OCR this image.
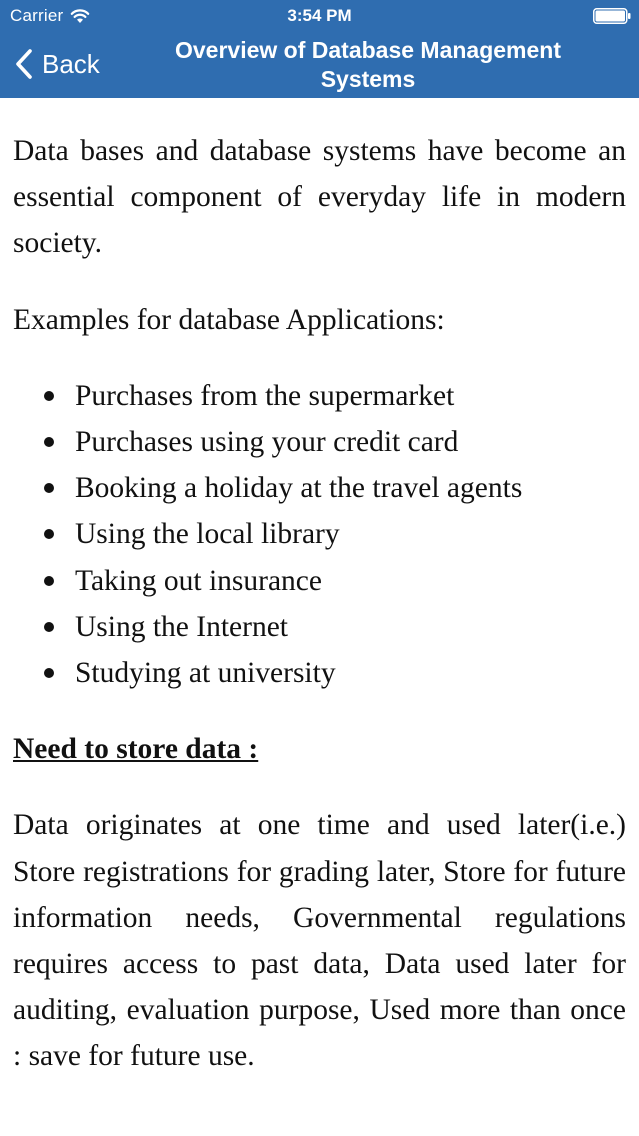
Carrier	3:54 PM
Back	Overview of Database Management
Systems

Data bases and database systems have become an essential component of everyday life in modern society.

Examples for database Applications:

Purchases from the supermarket
Purchases using your credit card
Booking a holiday at the travel agents
Using the local library
Taking out insurance
Using the Internet
Studying at university

Need to store data :

Data originates at one time and used later(i.e.) Store registrations for grading later, Store for future information needs, Governmental regulations requires access to past data, Data used later for auditing, evaluation purpose, Used more than once : save for future use.
